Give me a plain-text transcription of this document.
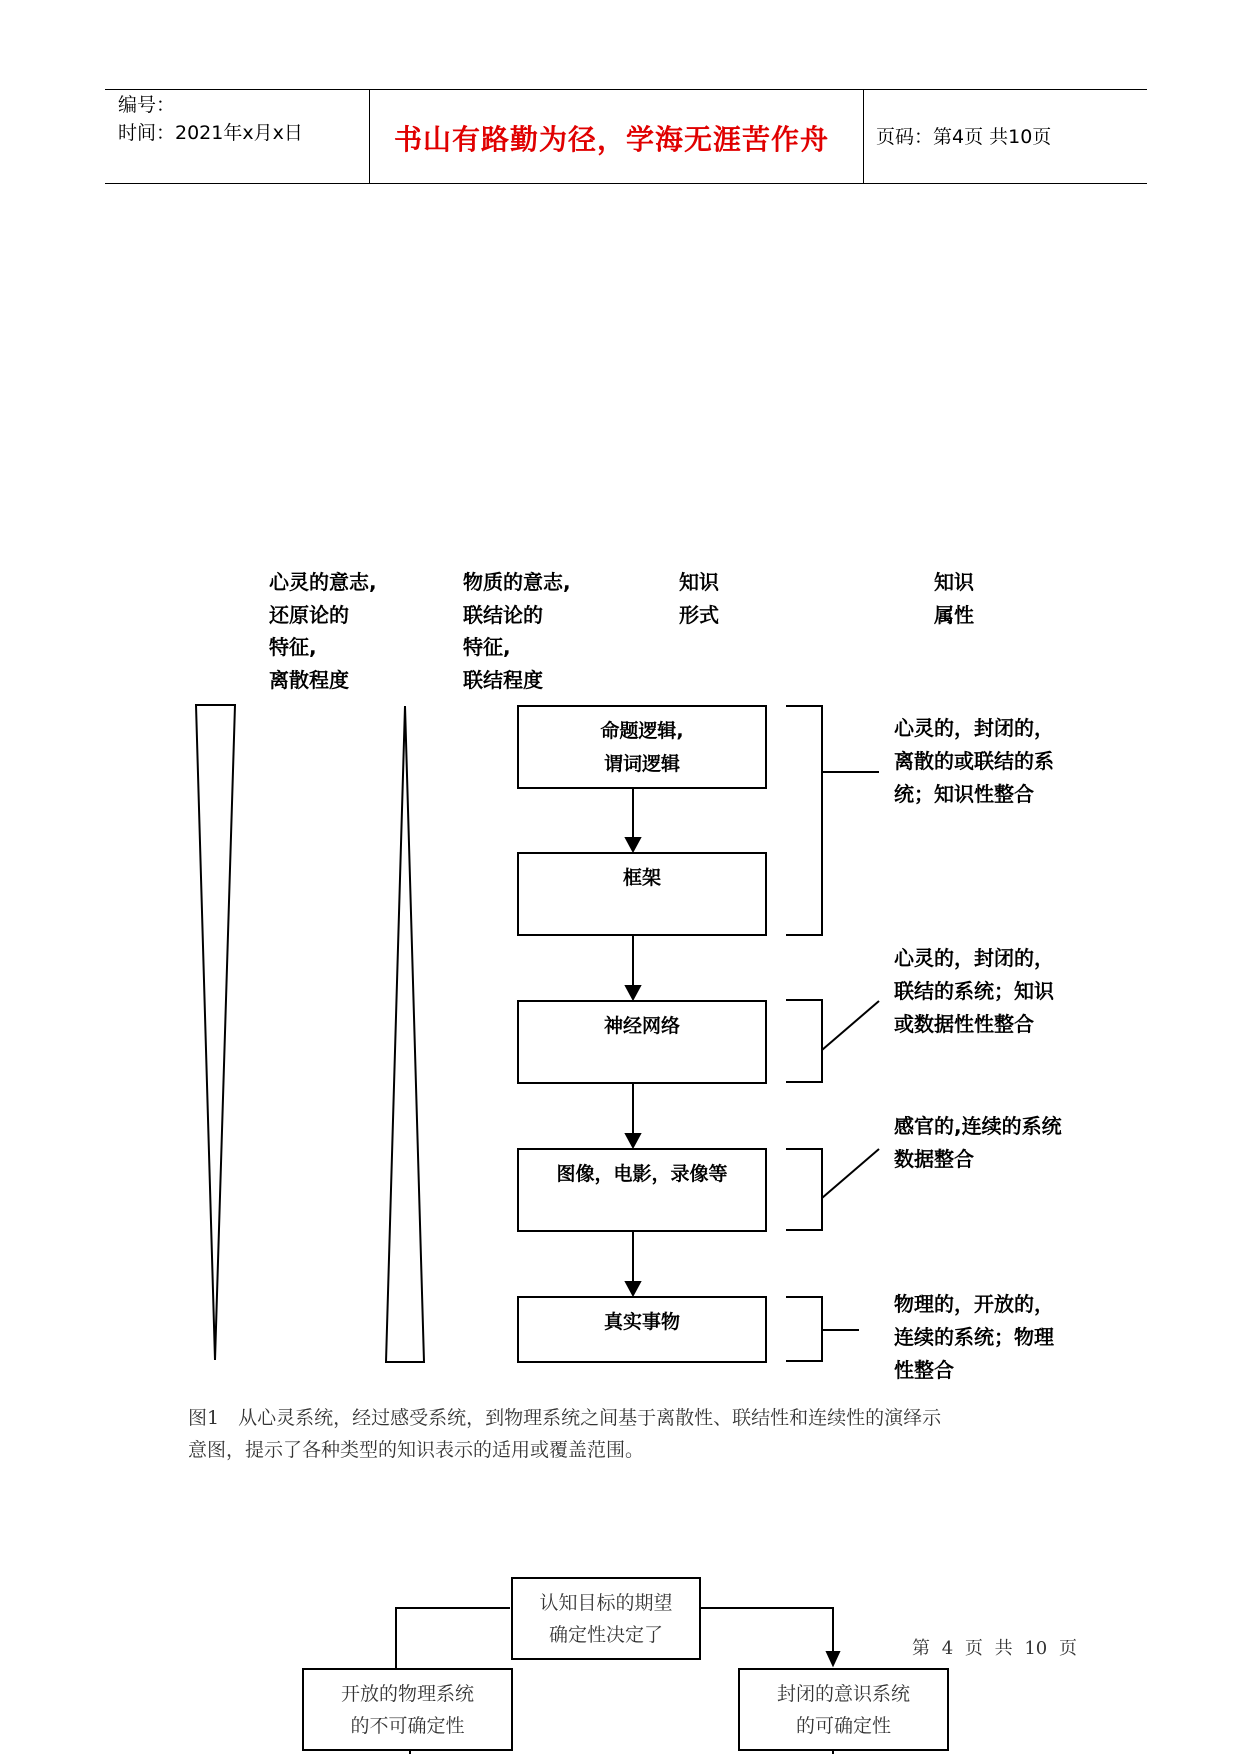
编号：
时间：2021年x月x日	书山有路勤为径，学海无涯苦作舟 页码：第4页 共10页
心灵的意志,
还原论的
特征,
离散程度
物质的意志,
联结论的
特征,
联结程度
知识
形式
知识
属性
命题逻辑,
谓词逻辑
框架
神经网络
图像，电影，录像等
真实事物
心灵的，封闭的，
离散的或联结的系
统；知识性整合
心灵的，封闭的，
联结的系统；知识
或数据性性整合
感官的,连续的系统
数据整合
物理的，开放的，
连续的系统；物理
性整合
图1　从心灵系统，经过感受系统，到物理系统之间基于离散性、联结性和连续性的演绎示
意图，提示了各种类型的知识表示的适用或覆盖范围。
认知目标的期望
确定性决定了
开放的物理系统
的不可确定性
封闭的意识系统
的可确定性
第 4 页 共 10 页
